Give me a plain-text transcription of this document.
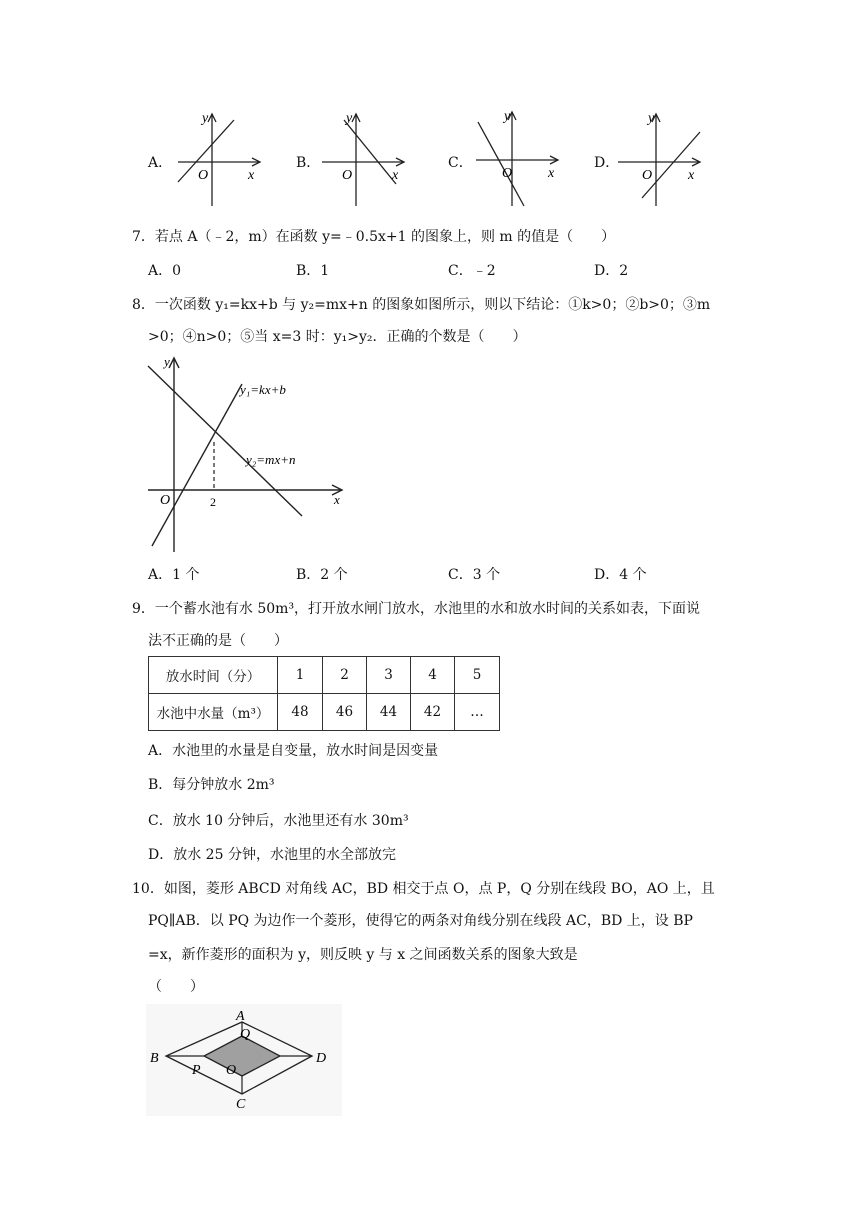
A．
y
O	x
B．
y
O	x
C．
y
O	x
D．
y
O	x
7．若点 A（﹣2，m）在函数 y=﹣0.5x+1 的图象上，则 m 的值是（　　）
A．0	B．1	C．﹣2	D．2
8．一次函数 y₁=kx+b 与 y₂=mx+n 的图象如图所示，则以下结论：①k>0；②b>0；③m
>0；④n>0；⑤当 x=3 时：y₁>y₂．正确的个数是（　　）
y
x
O	2
y₁=kx+b
y₂=mx+n
A．1 个	B．2 个	C．3 个	D．4 个
9．一个蓄水池有水 50m³，打开放水闸门放水，水池里的水和放水时间的关系如表，下面说
法不正确的是（　　）
放水时间（分）	1	2	3	4	5
水池中水量（m³）	48	46	44	42	…
A．水池里的水量是自变量，放水时间是因变量
B．每分钟放水 2m³
C．放水 10 分钟后，水池里还有水 30m³
D．放水 25 分钟，水池里的水全部放完
10．如图，菱形 ABCD 对角线 AC，BD 相交于点 O，点 P，Q 分别在线段 BO，AO 上，且
PQ∥AB．以 PQ 为边作一个菱形，使得它的两条对角线分别在线段 AC，BD 上，设 BP
=x，新作菱形的面积为 y，则反映 y 与 x 之间函数关系的图象大致是
（　　）
A
B
C
D
O
P
Q
